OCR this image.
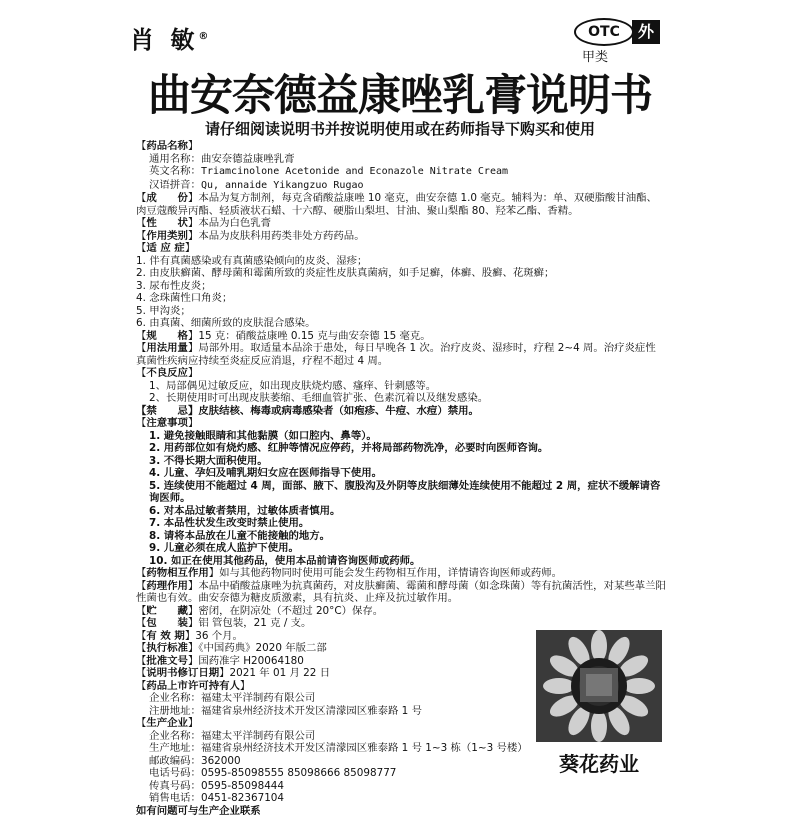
肖 敏®	OTC	外
甲类
曲安奈德益康唑乳膏说明书
请仔细阅读说明书并按说明使用或在药师指导下购买和使用
【药品名称】
通用名称：曲安奈德益康唑乳膏
英文名称：Triamcinolone Acetonide and Econazole Nitrate Cream
汉语拼音：Qu, annaide Yikangzuo Rugao
【成　　份】本品为复方制剂，每克含硝酸益康唑 10 毫克，曲安奈德 1.0 毫克。辅料为：单、双硬脂酸甘油酯、肉豆蔻酸异丙酯、轻质液状石蜡、十六醇、硬脂山梨坦、甘油、聚山梨酯 80、羟苯乙酯、香精。
【性　　状】本品为白色乳膏
【作用类别】本品为皮肤科用药类非处方药药品。
【适 应 症】
1. 伴有真菌感染或有真菌感染倾向的皮炎、湿疹；
2. 由皮肤癣菌、酵母菌和霉菌所致的炎症性皮肤真菌病，如手足癣，体癣、股癣、花斑癣；
3. 尿布性皮炎；
4. 念珠菌性口角炎；
5. 甲沟炎；
6. 由真菌、细菌所致的皮肤混合感染。
【规　　格】15 克：硝酸益康唑 0.15 克与曲安奈德 15 毫克。
【用法用量】局部外用。取适量本品涂于患处，每日早晚各 1 次。治疗皮炎、湿疹时，疗程 2~4 周。治疗炎症性真菌性疾病应持续至炎症反应消退，疗程不超过 4 周。
【不良反应】
1、局部偶见过敏反应，如出现皮肤烧灼感、瘙痒、针刺感等。
2、长期使用时可出现皮肤萎缩、毛细血管扩张、色素沉着以及继发感染。
【禁　　忌】皮肤结核、梅毒或病毒感染者（如疱疹、牛痘、水痘）禁用。
【注意事项】
1. 避免接触眼睛和其他黏膜（如口腔内、鼻等）。
2. 用药部位如有烧灼感、红肿等情况应停药，并将局部药物洗净，必要时向医师咨询。
3. 不得长期大面积使用。
4. 儿童、孕妇及哺乳期妇女应在医师指导下使用。
5. 连续使用不能超过 4 周，面部、腋下、腹股沟及外阴等皮肤细薄处连续使用不能超过 2 周，症状不缓解请咨询医师。
6. 对本品过敏者禁用，过敏体质者慎用。
7. 本品性状发生改变时禁止使用。
8. 请将本品放在儿童不能接触的地方。
9. 儿童必须在成人监护下使用。
10. 如正在使用其他药品，使用本品前请咨询医师或药师。
【药物相互作用】如与其他药物同时使用可能会发生药物相互作用，详情请咨询医师或药师。
【药理作用】本品中硝酸益康唑为抗真菌药，对皮肤癣菌、霉菌和酵母菌（如念珠菌）等有抗菌活性，对某些革兰阳性菌也有效。曲安奈德为糖皮质激素，具有抗炎、止痒及抗过敏作用。
【贮　　藏】密闭，在阴凉处（不超过 20°C）保存。
【包　　装】铝 管包装，21 克 / 支。
【有 效 期】36 个月。
【执行标准】《中国药典》2020 年版二部
【批准文号】国药准字 H20064180
【说明书修订日期】2021 年 01 月 22 日
【药品上市许可持有人】
企业名称：福建太平洋制药有限公司
注册地址：福建省泉州经济技术开发区清濛园区雅泰路 1 号
【生产企业】
企业名称：福建太平洋制药有限公司
生产地址：福建省泉州经济技术开发区清濛园区雅泰路 1 号 1~3 栋（1~3 号楼）
邮政编码：362000
电话号码：0595-85098555 85098666 85098777
传真号码：0595-85098444
销售电话：0451-82367104
如有问题可与生产企业联系
葵花药业
